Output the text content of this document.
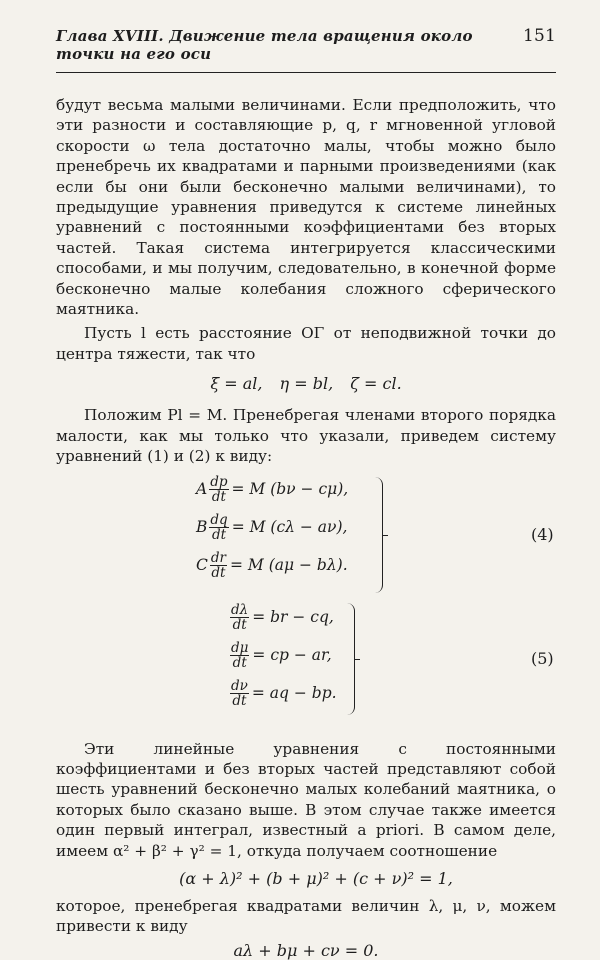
Глава XVIII. Движение тела вращения около точки на его оси
151

будут весьма малыми величинами. Если предположить, что эти разности и составляющие p, q, r мгновенной угловой скорости ω тела достаточно малы, чтобы можно было пренебречь их квадратами и парными произведениями (как если бы они были бесконечно малыми величинами), то предыдущие уравнения приведутся к системе линейных уравнений с постоянными коэффициентами без вторых частей. Такая система интегрируется классическими способами, и мы получим, следовательно, в конечной форме бесконечно малые колебания сложного сферического маятника.

Пусть l есть расстояние OΓ от неподвижной точки до центра тяжести, так что

ξ = al, η = bl, ζ = cl.

Положим Pl = M. Пренебрегая членами второго порядка малости, как мы только что указали, приведем систему уравнений (1) и (2) к виду:

A $\frac{dp}{dt} = M$ (bν − cμ),
B $\frac{dq}{dt} = M$ (cλ − aν),
C $\frac{dr}{dt} = M$ (aμ − bλ).
(4)
$\frac{d\lambda}{dt}$ = br − cq,
$\frac{d\mu}{dt}$ = cp − ar,
$\frac{d\nu}{dt}$ = aq − bp.
(5)

Эти линейные уравнения с постоянными коэффициентами и без вторых частей представляют собой шесть уравнений бесконечно малых колебаний маятника, о которых было сказано выше. В этом случае также имеется один первый интеграл, известный a priori. В самом деле, имеем α² + β² + γ² = 1, откуда получаем соотношение

(α + λ)² + (b + μ)² + (c + ν)² = 1,

которое, пренебрегая квадратами величин λ, μ, ν, можем привести к виду

aλ + bμ + cν = 0.
